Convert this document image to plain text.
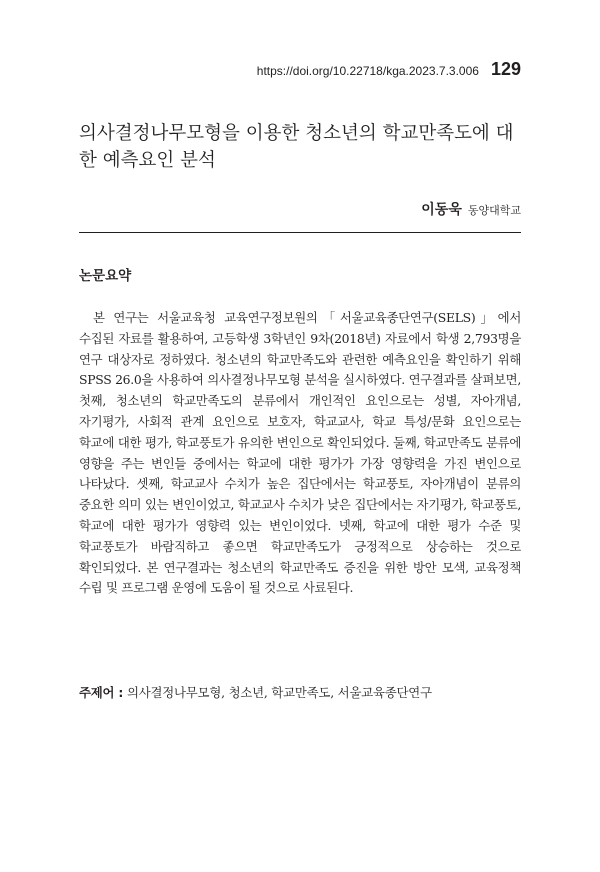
https://doi.org/10.22718/kga.2023.7.3.006 129
의사결정나무모형을 이용한 청소년의 학교만족도에 대한 예측요인 분석
이동욱 동양대학교
논문요약

본 연구는 서울교육청 교육연구정보원의「서울교육종단연구(SELS)」에서 수집된 자료를 활용하여, 고등학생 3학년인 9차(2018년) 자료에서 학생 2,793명을 연구 대상자로 정하였다. 청소년의 학교만족도와 관련한 예측요인을 확인하기 위해 SPSS 26.0을 사용하여 의사결정나무모형 분석을 실시하였다. 연구결과를 살펴보면, 첫째, 청소년의 학교만족도의 분류에서 개인적인 요인으로는 성별, 자아개념, 자기평가, 사회적 관계 요인으로 보호자, 학교교사, 학교 특성/문화 요인으로는 학교에 대한 평가, 학교풍토가 유의한 변인으로 확인되었다. 둘째, 학교만족도 분류에 영향을 주는 변인들 중에서는 학교에 대한 평가가 가장 영향력을 가진 변인으로 나타났다. 셋째, 학교교사 수치가 높은 집단에서는 학교풍토, 자아개념이 분류의 중요한 의미 있는 변인이었고, 학교교사 수치가 낮은 집단에서는 자기평가, 학교풍토, 학교에 대한 평가가 영향력 있는 변인이었다. 넷째, 학교에 대한 평가 수준 및 학교풍토가 바람직하고 좋으면 학교만족도가 긍정적으로 상승하는 것으로 확인되었다. 본 연구결과는 청소년의 학교만족도 증진을 위한 방안 모색, 교육정책 수립 및 프로그램 운영에 도움이 될 것으로 사료된다.

주제어 : 의사결정나무모형, 청소년, 학교만족도, 서울교육종단연구
